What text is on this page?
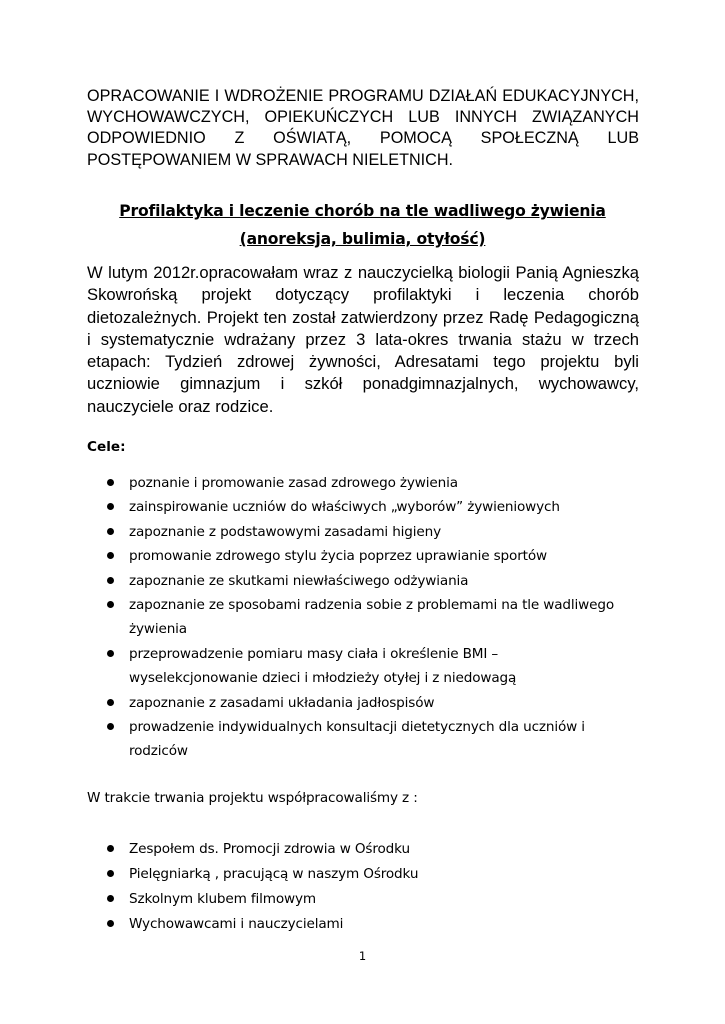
OPRACOWANIE I WDROŻENIE PROGRAMU DZIAŁAŃ EDUKACYJNYCH, WYCHOWAWCZYCH, OPIEKUŃCZYCH LUB INNYCH ZWIĄZANYCH ODPOWIEDNIO Z OŚWIATĄ, POMOCĄ SPOŁECZNĄ LUB POSTĘPOWANIEM W SPRAWACH NIELETNICH.
Profilaktyka i leczenie chorób na tle wadliwego żywienia (anoreksja, bulimia, otyłość)
W lutym 2012r.opracowałam wraz z nauczycielką biologii Panią Agnieszką Skowrońską projekt dotyczący profilaktyki i leczenia chorób dietozależnych. Projekt ten został zatwierdzony przez Radę Pedagogiczną i systematycznie wdrażany przez 3 lata-okres trwania stażu w trzech etapach: Tydzień zdrowej żywności, Adresatami tego projektu byli uczniowie gimnazjum i szkół ponadgimnazjalnych, wychowawcy, nauczyciele oraz rodzice.
Cele:
poznanie i promowanie zasad zdrowego żywienia
zainspirowanie uczniów do właściwych „wyborów” żywieniowych
zapoznanie z podstawowymi zasadami higieny
promowanie zdrowego stylu życia poprzez uprawianie sportów
zapoznanie ze skutkami niewłaściwego odżywiania
zapoznanie ze sposobami radzenia sobie z problemami na tle wadliwego żywienia
przeprowadzenie pomiaru masy ciała i określenie BMI – wyselekcjonowanie dzieci i młodzieży otyłej i z niedowagą
zapoznanie z zasadami układania jadłospisów
prowadzenie indywidualnych konsultacji dietetycznych dla uczniów i rodziców
W trakcie trwania projektu współpracowaliśmy z :
Zespołem ds. Promocji zdrowia w Ośrodku
Pielęgniarką , pracującą w naszym Ośrodku
Szkolnym klubem filmowym
Wychowawcami i nauczycielami
1
